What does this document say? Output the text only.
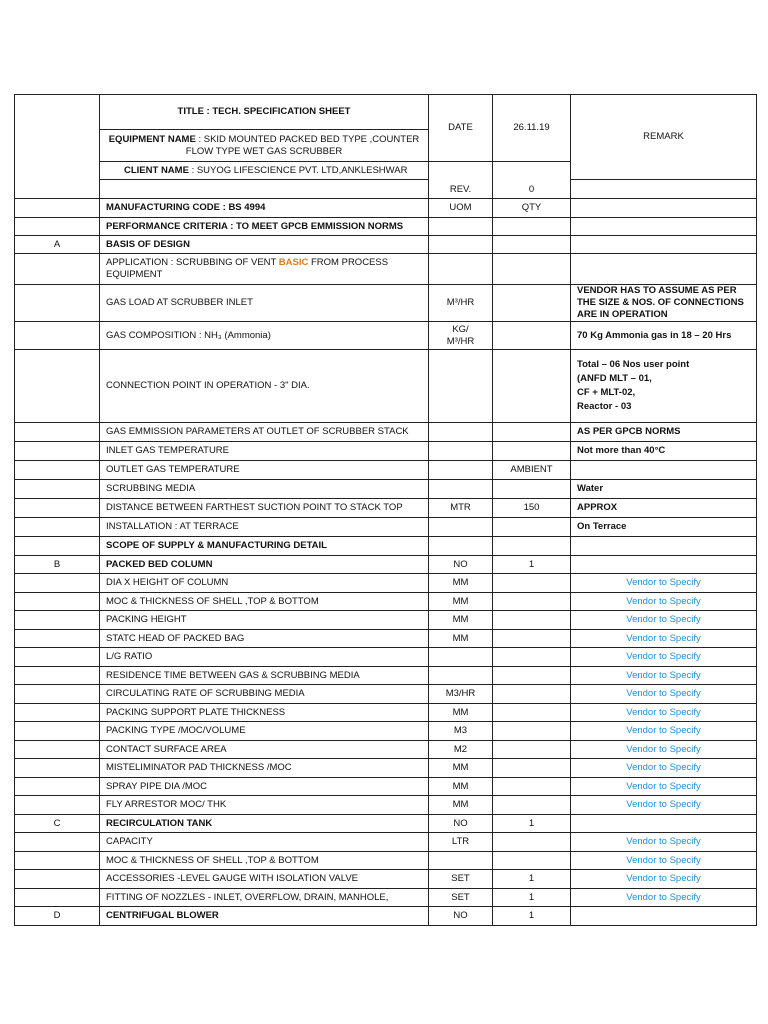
	TITLE : TECH. SPECIFICATION SHEET	DATE	26.11.19	REMARK
	EQUIPMENT NAME : SKID MOUNTED PACKED BED TYPE ,COUNTER FLOW TYPE WET GAS SCRUBBER			
	CLIENT NAME : SUYOG LIFESCIENCE PVT. LTD,ANKLESHWAR	REV.	0	

	MANUFACTURING CODE : BS 4994	UOM	QTY	
	PERFORMANCE CRITERIA : TO MEET GPCB EMMISSION NORMS			
A	BASIS OF DESIGN			
	APPLICATION : SCRUBBING OF VENT BASIC FROM PROCESS EQUIPMENT			
	GAS LOAD AT SCRUBBER INLET	M³/HR		VENDOR HAS TO ASSUME AS PER THE SIZE & NOS. OF CONNECTIONS ARE IN OPERATION
	GAS COMPOSITION : NH₃ (Ammonia)	KG/
M³/HR		70 Kg Ammonia gas in 18 – 20 Hrs
	CONNECTION POINT IN OPERATION - 3" DIA.			Total – 06 Nos user point
(ANFD MLT – 01,
CF + MLT-02,
Reactor - 03

	GAS EMMISSION PARAMETERS AT OUTLET OF SCRUBBER STACK			AS PER GPCB NORMS
	INLET GAS TEMPERATURE			Not more than 40°C
	OUTLET GAS TEMPERATURE		AMBIENT	
	SCRUBBING MEDIA			Water
	DISTANCE BETWEEN FARTHEST SUCTION POINT TO STACK TOP	MTR	150	APPROX
	INSTALLATION : AT TERRACE			On Terrace
	SCOPE OF SUPPLY & MANUFACTURING DETAIL			
B	PACKED BED COLUMN	NO	1	
	DIA X HEIGHT OF COLUMN	MM		Vendor to Specify
	MOC & THICKNESS OF SHELL ,TOP & BOTTOM	MM		Vendor to Specify
	PACKING HEIGHT	MM		Vendor to Specify
	STATC HEAD OF PACKED BAG	MM		Vendor to Specify
	L/G RATIO			Vendor to Specify
	RESIDENCE TIME BETWEEN GAS & SCRUBBING MEDIA			Vendor to Specify
	CIRCULATING RATE OF SCRUBBING MEDIA	M3/HR		Vendor to Specify
	PACKING SUPPORT PLATE THICKNESS	MM		Vendor to Specify
	PACKING TYPE /MOC/VOLUME	M3		Vendor to Specify
	CONTACT SURFACE AREA	M2		Vendor to Specify
	MISTELIMINATOR PAD THICKNESS /MOC	MM		Vendor to Specify
	SPRAY PIPE DIA /MOC	MM		Vendor to Specify
	FLY ARRESTOR MOC/ THK	MM		Vendor to Specify
C	RECIRCULATION TANK	NO	1	
	CAPACITY	LTR		Vendor to Specify
	MOC & THICKNESS OF SHELL ,TOP & BOTTOM			Vendor to Specify
	ACCESSORIES -LEVEL GAUGE WITH ISOLATION VALVE	SET	1	Vendor to Specify
	FITTING OF NOZZLES - INLET, OVERFLOW, DRAIN, MANHOLE,	SET	1	Vendor to Specify
D	CENTRIFUGAL BLOWER	NO	1	
